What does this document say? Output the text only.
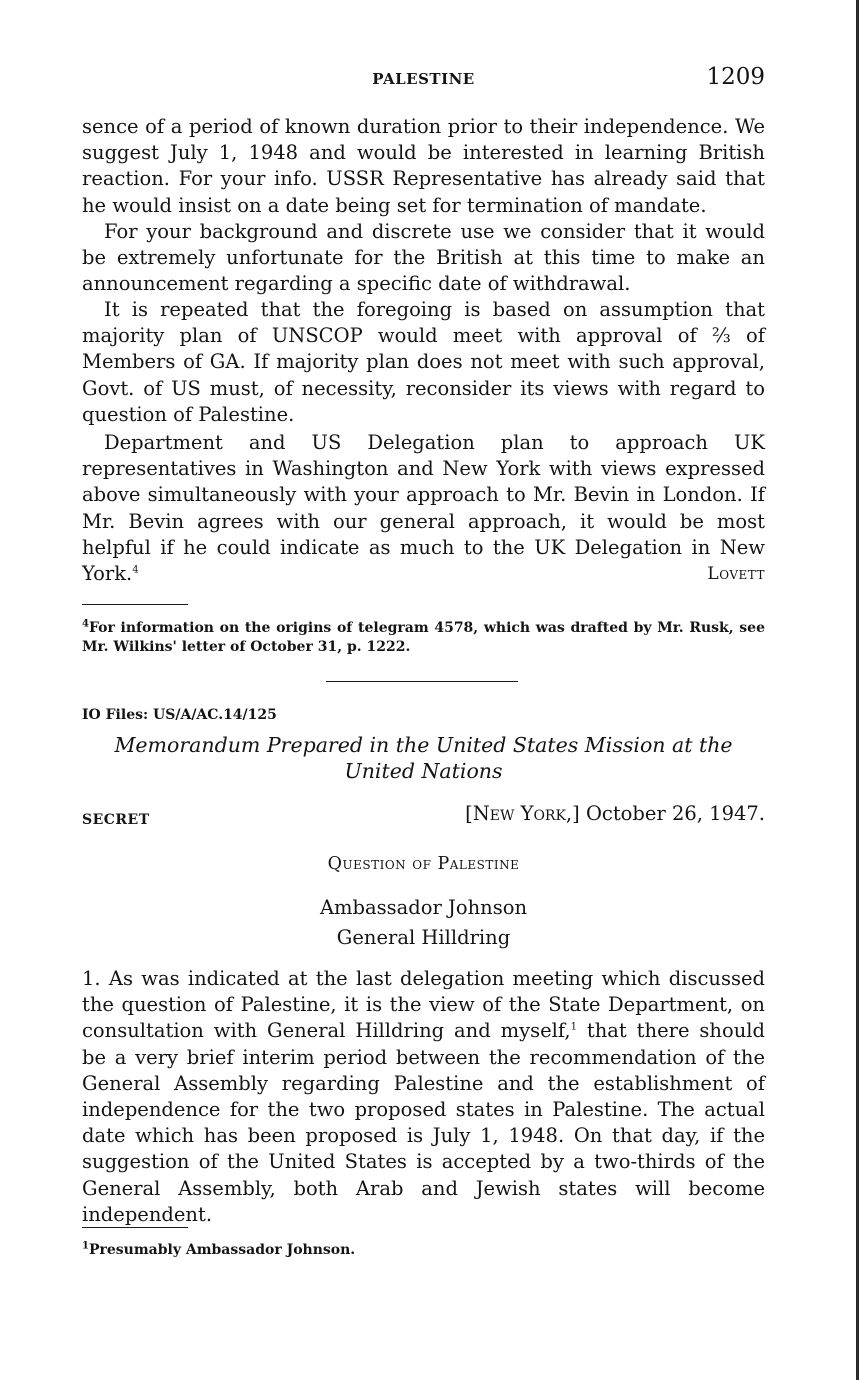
PALESTINE	1209

sence of a period of known duration prior to their independence. We suggest July 1, 1948 and would be interested in learning British reaction. For your info. USSR Representative has already said that he would insist on a date being set for termination of mandate.

For your background and discrete use we consider that it would be extremely unfortunate for the British at this time to make an announcement regarding a specific date of withdrawal.

It is repeated that the foregoing is based on assumption that majority plan of UNSCOP would meet with approval of ⅔ of Members of GA. If majority plan does not meet with such approval, Govt. of US must, of necessity, reconsider its views with regard to question of Palestine.

Department and US Delegation plan to approach UK representatives in Washington and New York with views expressed above simultaneously with your approach to Mr. Bevin in London. If Mr. Bevin agrees with our general approach, it would be most helpful if he could indicate as much to the UK Delegation in New York.$^4$	Lovett

$^4$For information on the origins of telegram 4578, which was drafted by Mr. Rusk, see Mr. Wilkins' letter of October 31, p. 1222.

IO Files: US/A/AC.14/125

Memorandum Prepared in the United States Mission at the United Nations

SECRET	[New York,] October 26, 1947.
Question of Palestine
Ambassador Johnson
General Hilldring

1. As was indicated at the last delegation meeting which discussed the question of Palestine, it is the view of the State Department, on consultation with General Hilldring and myself,$^1$ that there should be a very brief interim period between the recommendation of the General Assembly regarding Palestine and the establishment of independence for the two proposed states in Palestine. The actual date which has been proposed is July 1, 1948. On that day, if the suggestion of the United States is accepted by a two-thirds of the General Assembly, both Arab and Jewish states will become independent.

$^1$Presumably Ambassador Johnson.
